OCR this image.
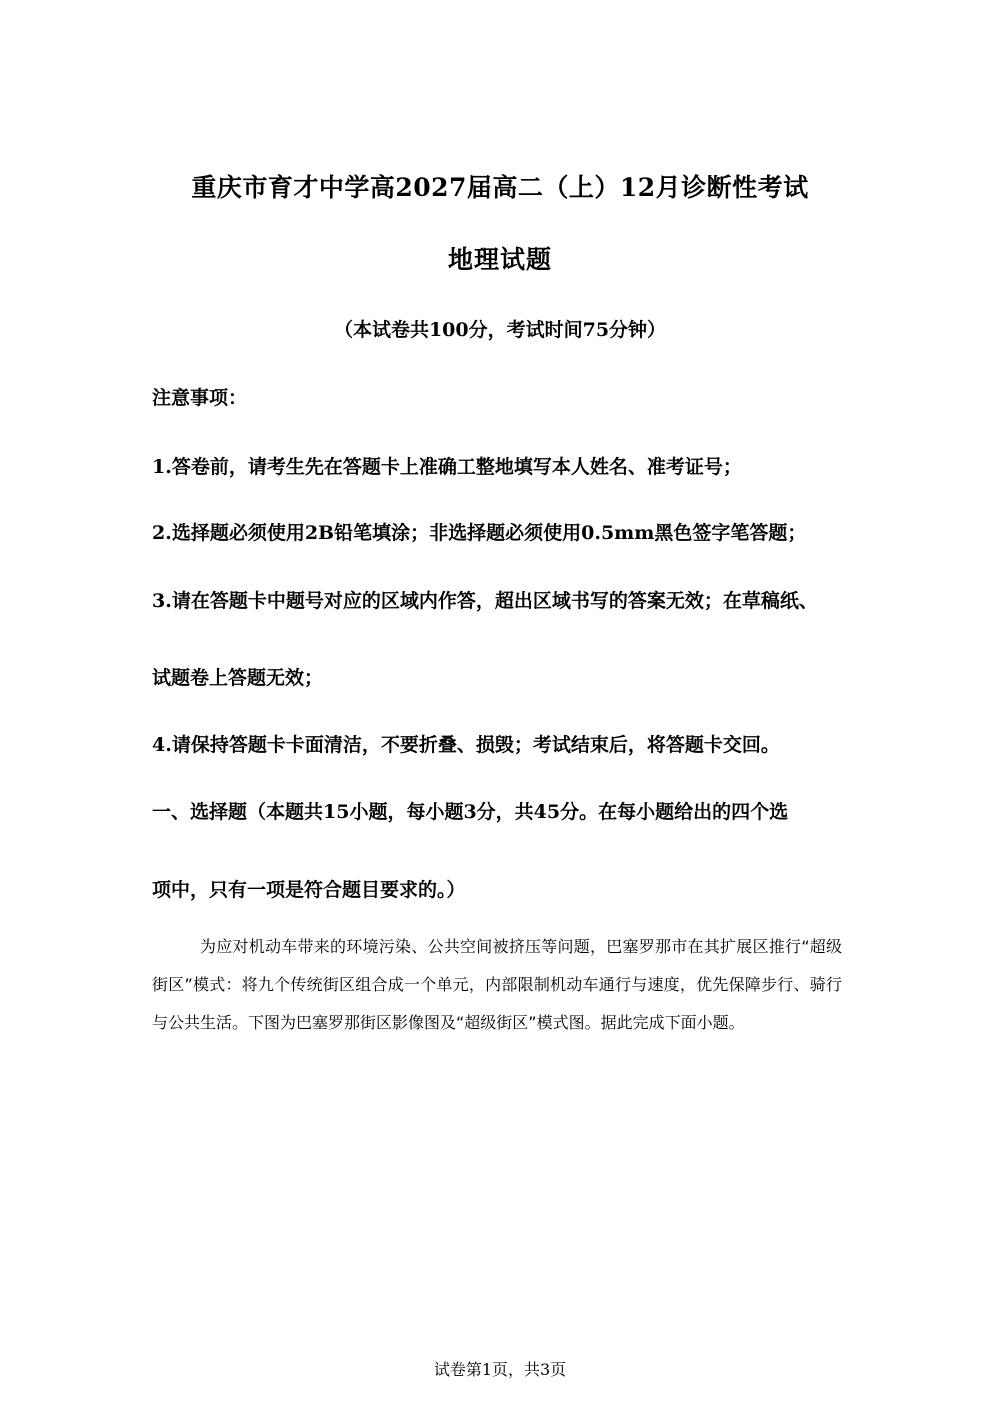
重庆市育才中学高2027届高二（上）12月诊断性考试
地理试题
（本试卷共100分，考试时间75分钟）
注意事项：
1.答卷前，请考生先在答题卡上准确工整地填写本人姓名、准考证号；
2.选择题必须使用2B铅笔填涂；非选择题必须使用0.5mm黑色签字笔答题；
3.请在答题卡中题号对应的区域内作答，超出区域书写的答案无效；在草稿纸、
试题卷上答题无效；
4.请保持答题卡卡面清洁，不要折叠、损毁；考试结束后，将答题卡交回。
一、选择题（本题共15小题，每小题3分，共45分。在每小题给出的四个选
项中，只有一项是符合题目要求的。）
为应对机动车带来的环境污染、公共空间被挤压等问题，巴塞罗那市在其扩展区推行“超级街区”模式：将九个传统街区组合成一个单元，内部限制机动车通行与速度，优先保障步行、骑行与公共生活。下图为巴塞罗那街区影像图及“超级街区”模式图。据此完成下面小题。
试卷第1页，共3页
